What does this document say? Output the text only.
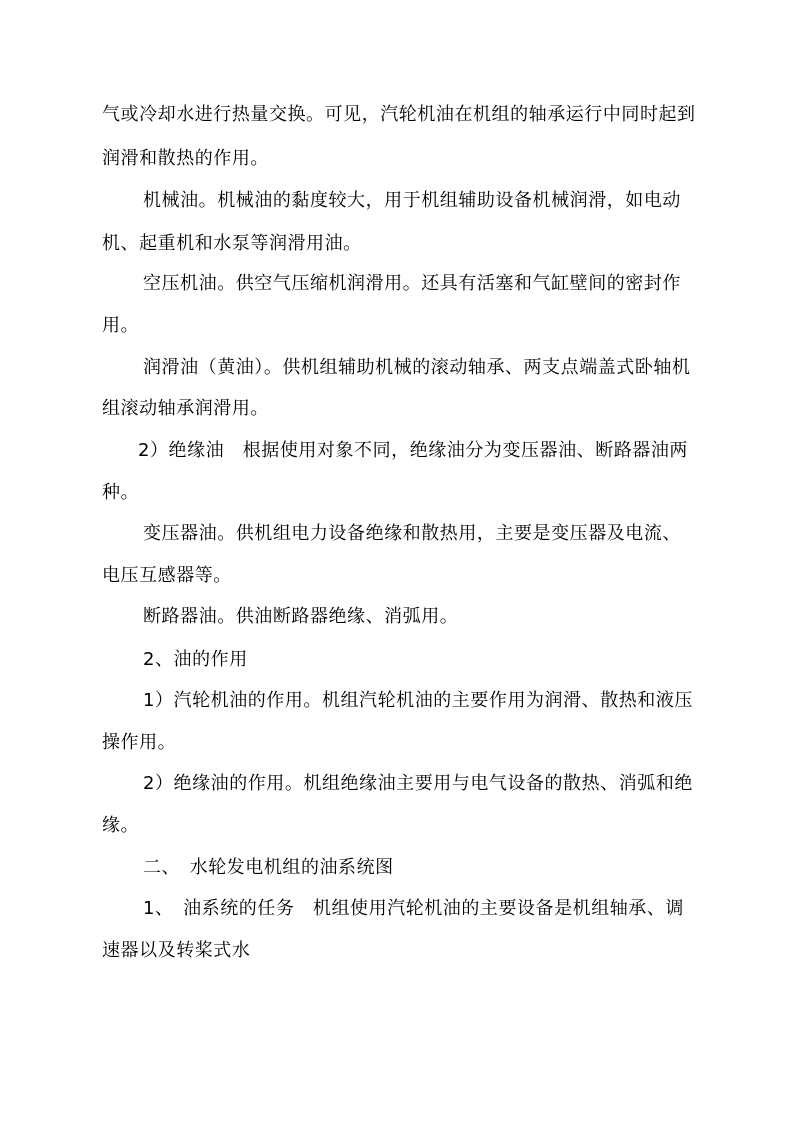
气或冷却水进行热量交换。可见，汽轮机油在机组的轴承运行中同时起到
润滑和散热的作用。
机械油。机械油的黏度较大，用于机组辅助设备机械润滑，如电动
机、起重机和水泵等润滑用油。
空压机油。供空气压缩机润滑用。还具有活塞和气缸壁间的密封作
用。
润滑油（黄油）。供机组辅助机械的滚动轴承、两支点端盖式卧轴机
组滚动轴承润滑用。
2）绝缘油　根据使用对象不同，绝缘油分为变压器油、断路器油两
种。
变压器油。供机组电力设备绝缘和散热用，主要是变压器及电流、
电压互感器等。
断路器油。供油断路器绝缘、消弧用。
2、油的作用
1）汽轮机油的作用。机组汽轮机油的主要作用为润滑、散热和液压
操作用。
2）绝缘油的作用。机组绝缘油主要用与电气设备的散热、消弧和绝
缘。
二、　水轮发电机组的油系统图
1、　油系统的任务　机组使用汽轮机油的主要设备是机组轴承、调
速器以及转桨式水
